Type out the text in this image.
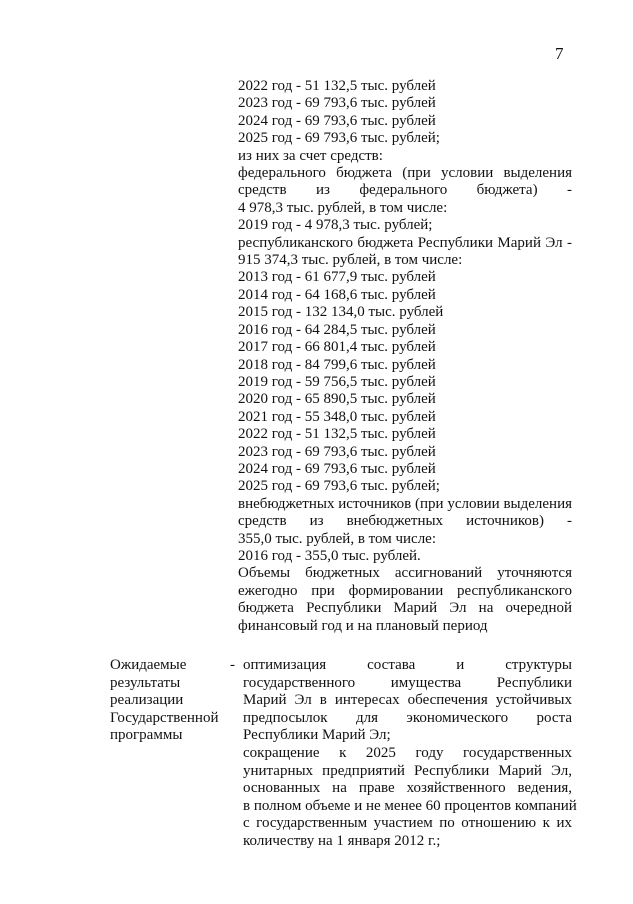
7
2022 год - 51 132,5 тыс. рублей
2023 год - 69 793,6 тыс. рублей
2024 год - 69 793,6 тыс. рублей
2025 год - 69 793,6 тыс. рублей;
из них за счет средств:
федерального бюджета (при условии выделения
средств из федерального бюджета) -
4 978,3 тыс. рублей, в том числе:
2019 год - 4 978,3 тыс. рублей;
республиканского бюджета Республики Марий Эл -
915 374,3 тыс. рублей, в том числе:
2013 год - 61 677,9 тыс. рублей
2014 год - 64 168,6 тыс. рублей
2015 год - 132 134,0 тыс. рублей
2016 год - 64 284,5 тыс. рублей
2017 год - 66 801,4 тыс. рублей
2018 год - 84 799,6 тыс. рублей
2019 год - 59 756,5 тыс. рублей
2020 год - 65 890,5 тыс. рублей
2021 год - 55 348,0 тыс. рублей
2022 год - 51 132,5 тыс. рублей
2023 год - 69 793,6 тыс. рублей
2024 год - 69 793,6 тыс. рублей
2025 год - 69 793,6 тыс. рублей;
внебюджетных источников (при условии выделения
средств из внебюджетных источников) -
355,0 тыс. рублей, в том числе:
2016 год - 355,0 тыс. рублей.
Объемы бюджетных ассигнований уточняются
ежегодно при формировании республиканского
бюджета Республики Марий Эл на очередной
финансовый год и на плановый период
Ожидаемые	-
результаты
реализации
Государственной
программы
оптимизация состава и структуры
государственного имущества Республики
Марий Эл в интересах обеспечения устойчивых
предпосылок для экономического роста
Республики Марий Эл;
сокращение к 2025 году государственных
унитарных предприятий Республики Марий Эл,
основанных на праве хозяйственного ведения,
в полном объеме и не менее 60 процентов компаний
с государственным участием по отношению к их
количеству на 1 января 2012 г.;
